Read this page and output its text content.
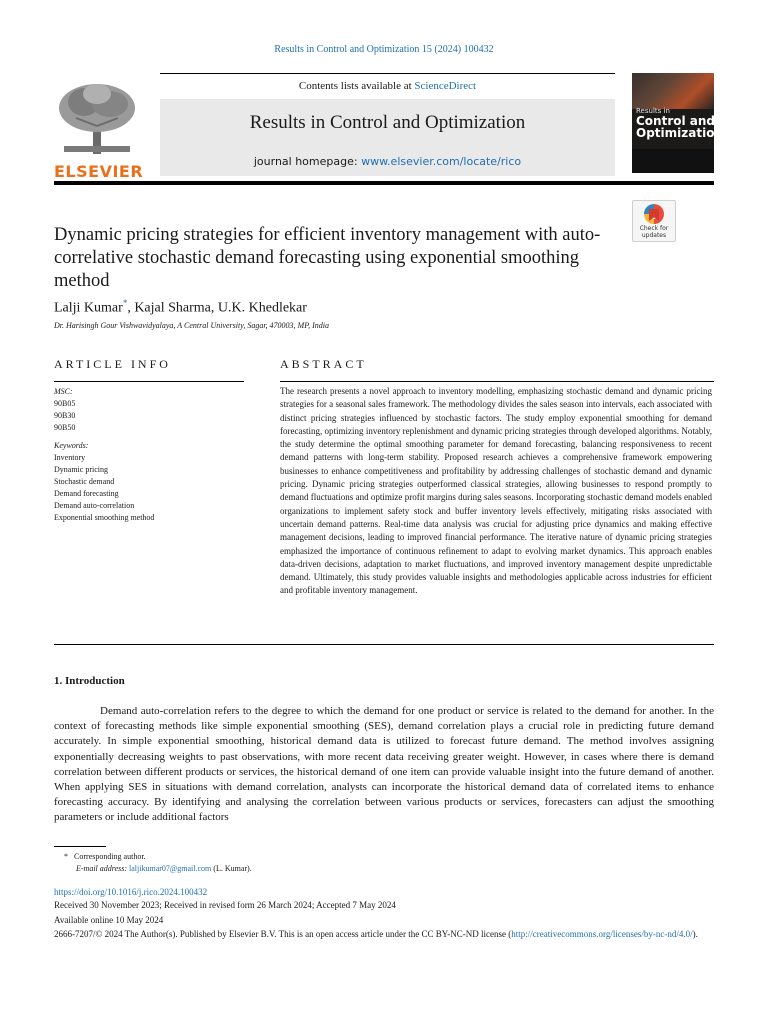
Results in Control and Optimization 15 (2024) 100432
ELSEVIER
Contents lists available at ScienceDirect
Results in Control and Optimization
journal homepage: www.elsevier.com/locate/rico
Results in
Control and
Optimization
Check for
updates
Dynamic pricing strategies for efficient inventory management with auto-correlative stochastic demand forecasting using exponential smoothing method
Lalji Kumar*, Kajal Sharma, U.K. Khedlekar
Dr. Harisingh Gour Vishwavidyalaya, A Central University, Sagar, 470003, MP, India
ARTICLE INFO
MSC:
90B05
90B30
90B50
Keywords:
Inventory
Dynamic pricing
Stochastic demand
Demand forecasting
Demand auto-correlation
Exponential smoothing method
ABSTRACT

The research presents a novel approach to inventory modelling, emphasizing stochastic demand and dynamic pricing strategies for a seasonal sales framework. The methodology divides the sales season into intervals, each associated with distinct pricing strategies influenced by stochastic factors. The study employ exponential smoothing for demand forecasting, optimizing inventory replenishment and dynamic pricing strategies through developed algorithms. Notably, the study determine the optimal smoothing parameter for demand forecasting, balancing responsiveness to recent demand patterns with long-term stability. Proposed research achieves a comprehensive framework empowering businesses to enhance competitiveness and profitability by addressing challenges of stochastic demand and dynamic pricing. Dynamic pricing strategies outperformed classical strategies, allowing businesses to respond promptly to demand fluctuations and optimize profit margins during sales seasons. Incorporating stochastic demand models enabled organizations to implement safety stock and buffer inventory levels effectively, mitigating risks associated with uncertain demand patterns. Real-time data analysis was crucial for adjusting price dynamics and making effective management decisions, leading to improved financial performance. The iterative nature of dynamic pricing strategies emphasized the importance of continuous refinement to adapt to evolving market dynamics. This approach enables data-driven decisions, adaptation to market fluctuations, and improved inventory management despite unpredictable demand. Ultimately, this study provides valuable insights and methodologies applicable across industries for efficient and profitable inventory management.

1. Introduction

Demand auto-correlation refers to the degree to which the demand for one product or service is related to the demand for another. In the context of forecasting methods like simple exponential smoothing (SES), demand correlation plays a crucial role in predicting future demand accurately. In simple exponential smoothing, historical demand data is utilized to forecast future demand. The method involves assigning exponentially decreasing weights to past observations, with more recent data receiving greater weight. However, in cases where there is demand correlation between different products or services, the historical demand of one item can provide valuable insight into the future demand of another. When applying SES in situations with demand correlation, analysts can incorporate the historical demand data of correlated items to enhance forecasting accuracy. By identifying and analysing the correlation between various products or services, forecasters can adjust the smoothing parameters or include additional factors

* Corresponding author.
E-mail address: laljikumar07@gmail.com (L. Kumar).
https://doi.org/10.1016/j.rico.2024.100432
Received 30 November 2023; Received in revised form 26 March 2024; Accepted 7 May 2024
Available online 10 May 2024

2666-7207/© 2024 The Author(s). Published by Elsevier B.V. This is an open access article under the CC BY-NC-ND license (http://creativecommons.org/licenses/by-nc-nd/4.0/).
